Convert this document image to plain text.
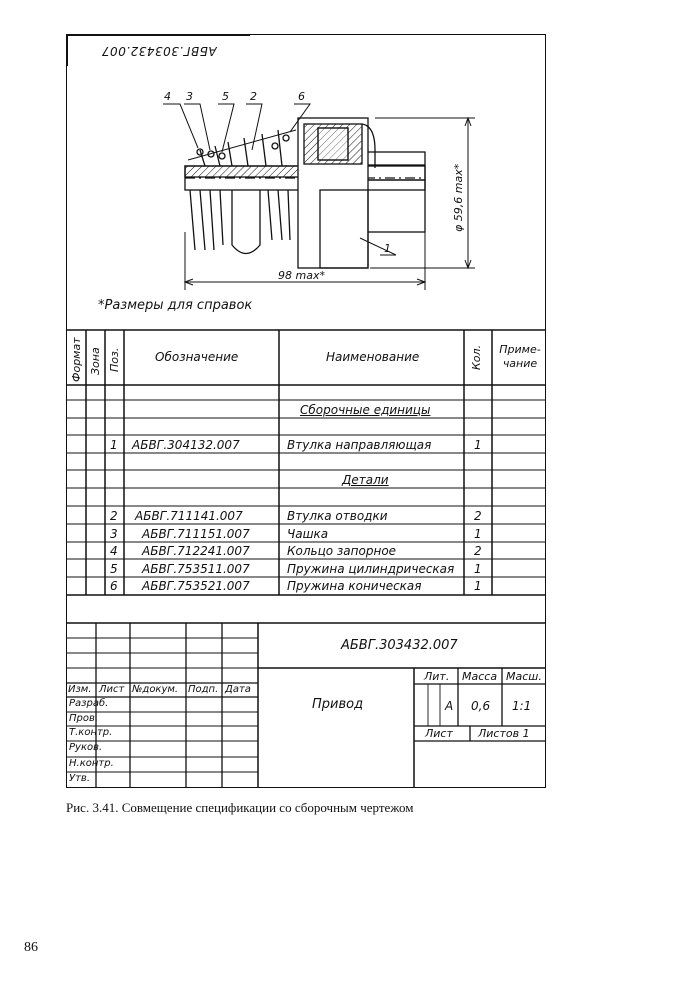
АБВГ.303432.007
4 3	5 2	6
1
φ 59,6 max*
98 max*
*Размеры для справок
Формат Зона Поз.	Обозначение	Наименование	Кол. Приме-чание
Сборочные единицы
Детали
1 АБВГ.304132.007	Втулка направляющая	1
2 АБВГ.711141.007	Втулка отводки	2
3 АБВГ.711151.007	Чашка	1
4 АБВГ.712241.007	Кольцо запорное	2
5 АБВГ.753511.007	Пружина цилиндрическая 1
6 АБВГ.753521.007	Пружина коническая	1
АБВГ.303432.007
Изм. Лист №докум. Подп. Дата
Разраб.
Пров.
Т.контр.
Руков.
Н.контр.
Утв.
Привод
Лит. Масса Масш.
А 0,6 1:1
Лист Листов 1
Рис. 3.41. Совмещение спецификации со сборочным чертежом
86
